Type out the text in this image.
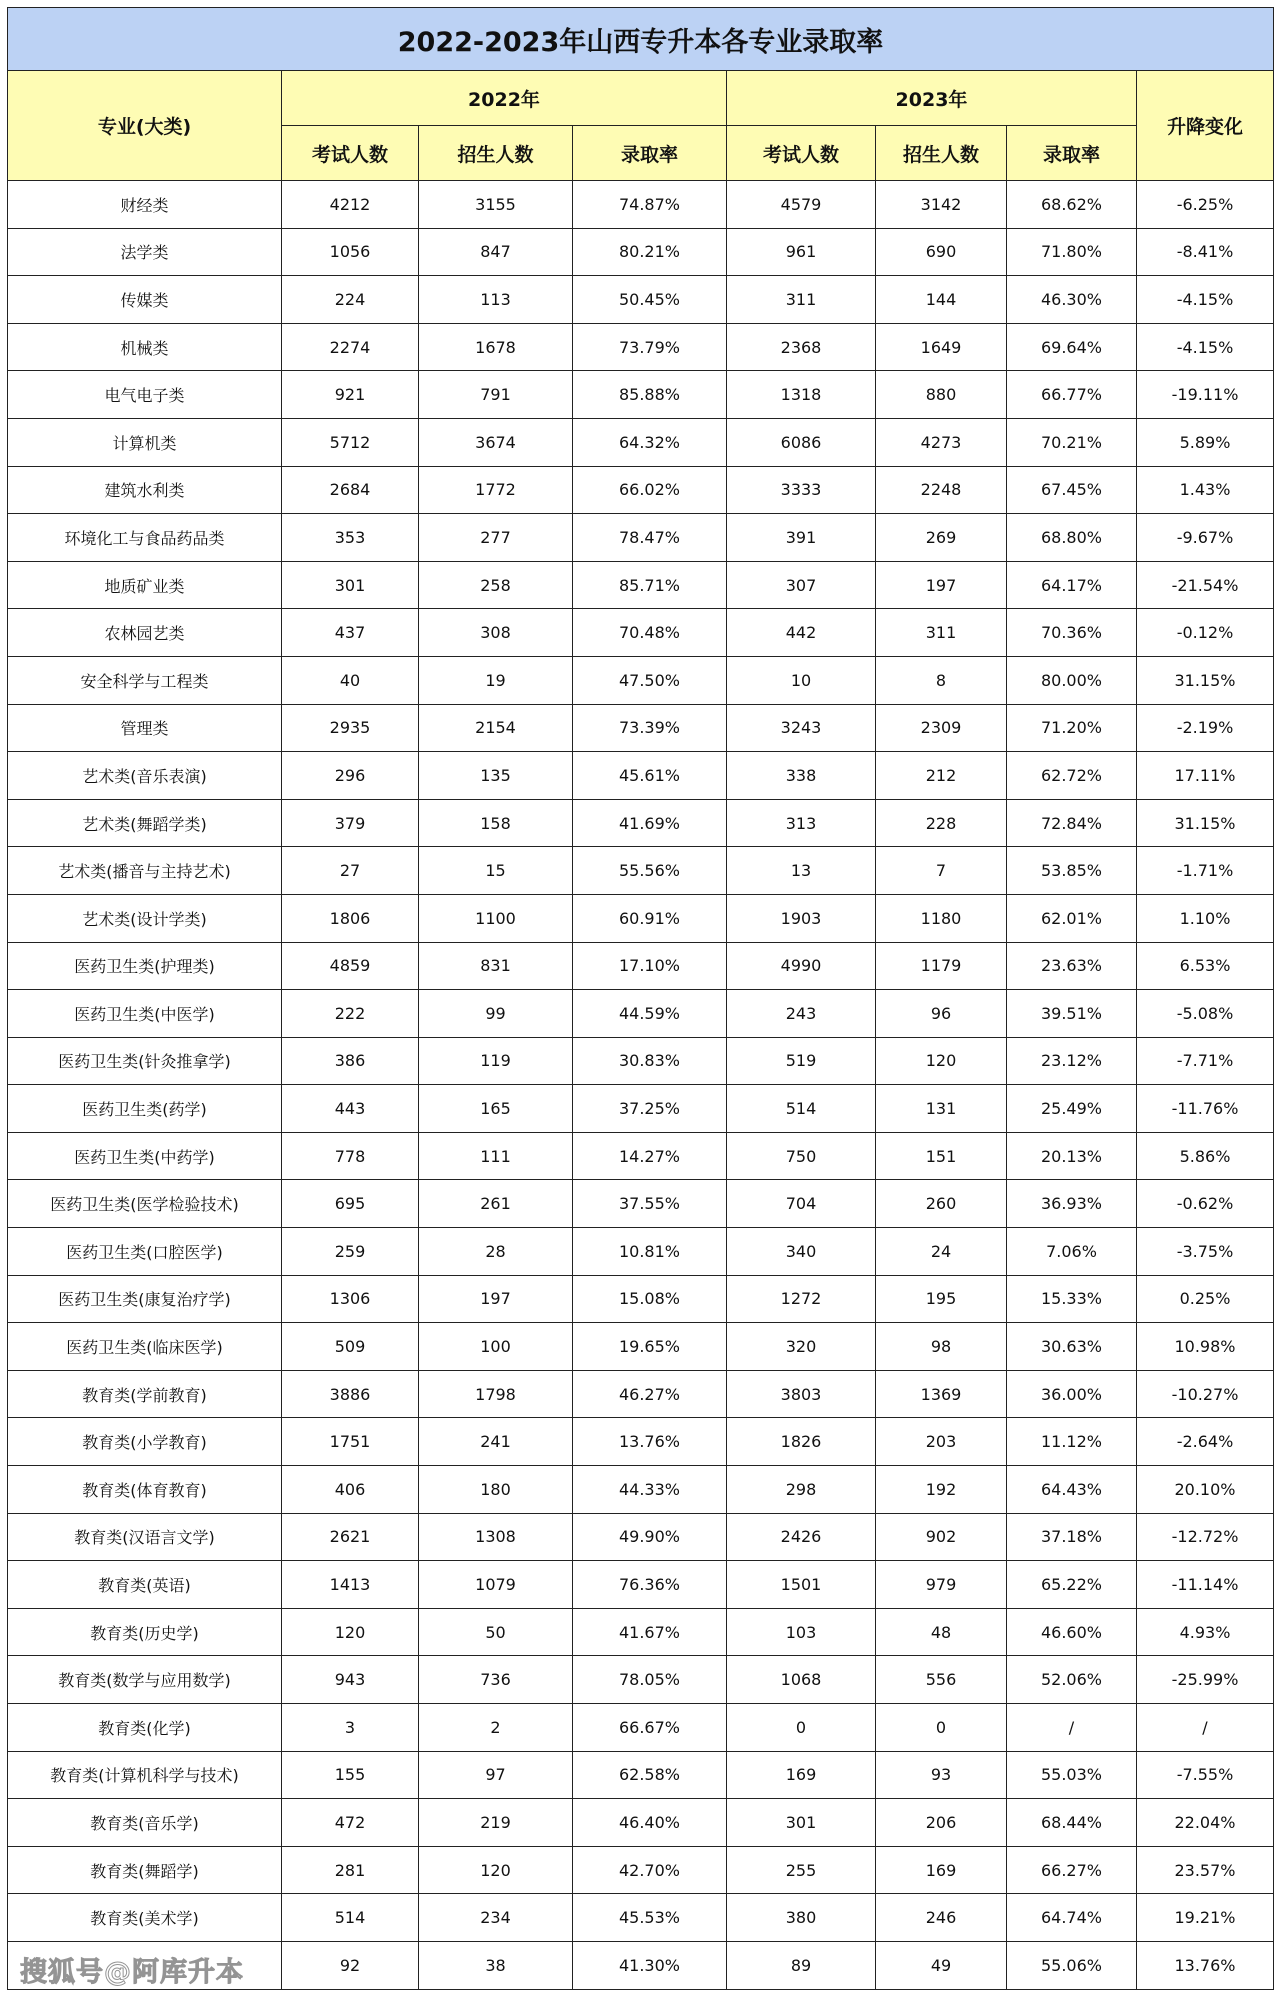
2022-2023年山西专升本各专业录取率							
专业(大类)	2022年			2023年			升降变化
	考试人数	招生人数	录取率	考试人数	招生人数	录取率	
财经类	4212	3155	74.87%	4579	3142	68.62%	-6.25%
法学类	1056	847	80.21%	961	690	71.80%	-8.41%
传媒类	224	113	50.45%	311	144	46.30%	-4.15%
机械类	2274	1678	73.79%	2368	1649	69.64%	-4.15%
电气电子类	921	791	85.88%	1318	880	66.77%	-19.11%
计算机类	5712	3674	64.32%	6086	4273	70.21%	5.89%
建筑水利类	2684	1772	66.02%	3333	2248	67.45%	1.43%
环境化工与食品药品类	353	277	78.47%	391	269	68.80%	-9.67%
地质矿业类	301	258	85.71%	307	197	64.17%	-21.54%
农林园艺类	437	308	70.48%	442	311	70.36%	-0.12%
安全科学与工程类	40	19	47.50%	10	8	80.00%	31.15%
管理类	2935	2154	73.39%	3243	2309	71.20%	-2.19%
艺术类(音乐表演)	296	135	45.61%	338	212	62.72%	17.11%
艺术类(舞蹈学类)	379	158	41.69%	313	228	72.84%	31.15%
艺术类(播音与主持艺术)	27	15	55.56%	13	7	53.85%	-1.71%
艺术类(设计学类)	1806	1100	60.91%	1903	1180	62.01%	1.10%
医药卫生类(护理类)	4859	831	17.10%	4990	1179	23.63%	6.53%
医药卫生类(中医学)	222	99	44.59%	243	96	39.51%	-5.08%
医药卫生类(针灸推拿学)	386	119	30.83%	519	120	23.12%	-7.71%
医药卫生类(药学)	443	165	37.25%	514	131	25.49%	-11.76%
医药卫生类(中药学)	778	111	14.27%	750	151	20.13%	5.86%
医药卫生类(医学检验技术)	695	261	37.55%	704	260	36.93%	-0.62%
医药卫生类(口腔医学)	259	28	10.81%	340	24	7.06%	-3.75%
医药卫生类(康复治疗学)	1306	197	15.08%	1272	195	15.33%	0.25%
医药卫生类(临床医学)	509	100	19.65%	320	98	30.63%	10.98%
教育类(学前教育)	3886	1798	46.27%	3803	1369	36.00%	-10.27%
教育类(小学教育)	1751	241	13.76%	1826	203	11.12%	-2.64%
教育类(体育教育)	406	180	44.33%	298	192	64.43%	20.10%
教育类(汉语言文学)	2621	1308	49.90%	2426	902	37.18%	-12.72%
教育类(英语)	1413	1079	76.36%	1501	979	65.22%	-11.14%
教育类(历史学)	120	50	41.67%	103	48	46.60%	4.93%
教育类(数学与应用数学)	943	736	78.05%	1068	556	52.06%	-25.99%
教育类(化学)	3	2	66.67%	0	0	/	/
教育类(计算机科学与技术)	155	97	62.58%	169	93	55.03%	-7.55%
教育类(音乐学)	472	219	46.40%	301	206	68.44%	22.04%
教育类(舞蹈学)	281	120	42.70%	255	169	66.27%	23.57%
教育类(美术学)	514	234	45.53%	380	246	64.74%	19.21%
	92	38	41.30%	89	49	55.06%	13.76%
搜狐号@阿库升本
